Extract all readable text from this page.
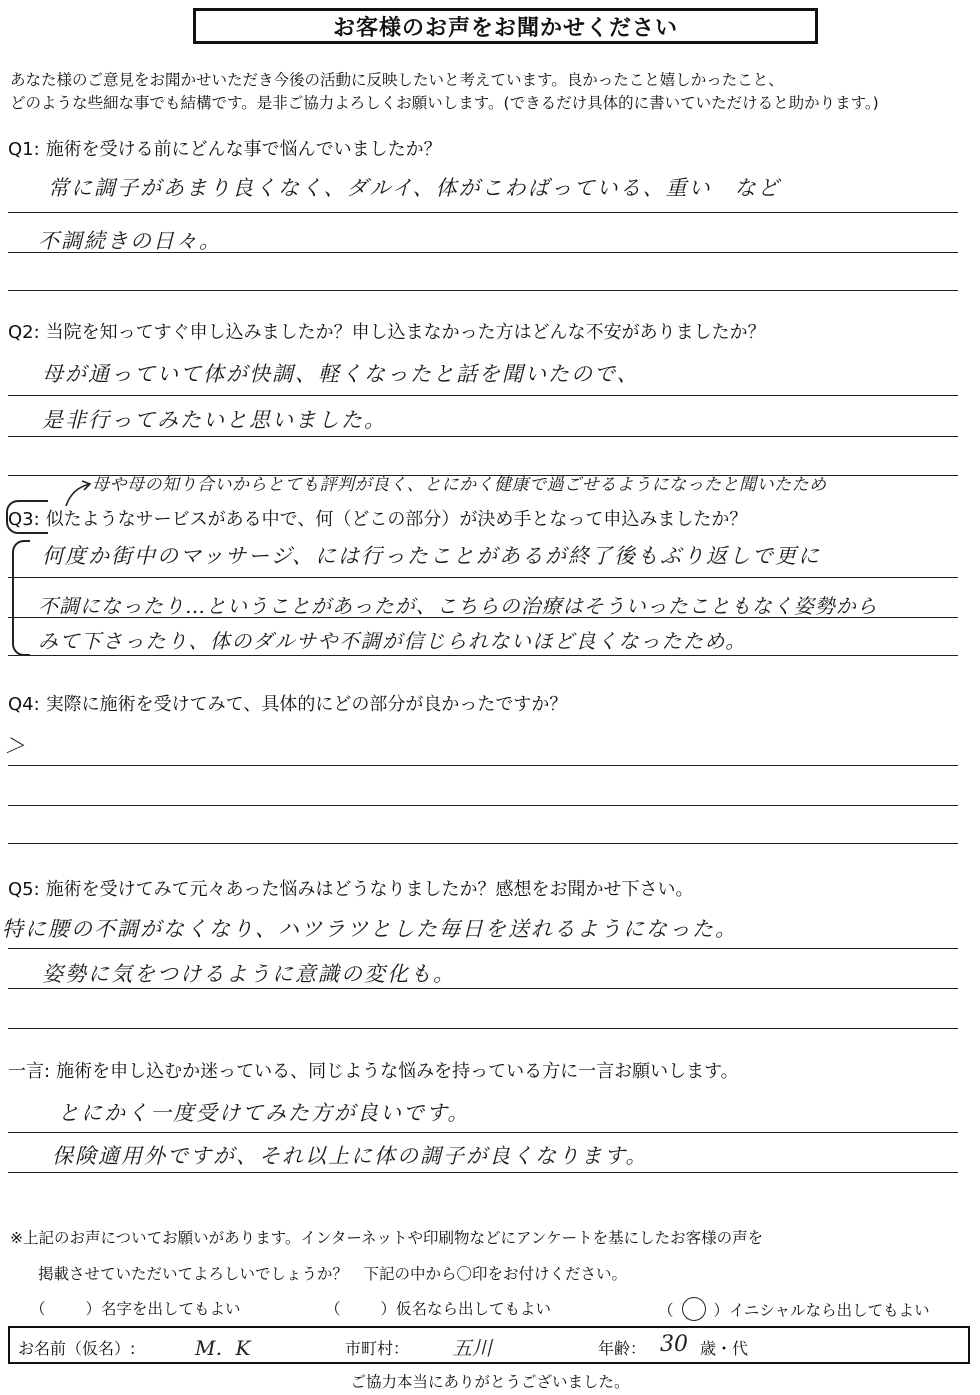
お客様のお声をお聞かせください
あなた様のご意見をお聞かせいただき今後の活動に反映したいと考えています。良かったこと嬉しかったこと、
どのような些細な事でも結構です。是非ご協力よろしくお願いします。(できるだけ具体的に書いていただけると助かります。)
Q1: 施術を受ける前にどんな事で悩んでいましたか？
常に調子があまり良くなく、ダルイ、体がこわばっている、重い　など
不調続きの日々。
Q2: 当院を知ってすぐ申し込みましたか？申し込まなかった方はどんな不安がありましたか？
母が通っていて体が快調、軽くなったと話を聞いたので、
是非行ってみたいと思いました。
母や母の知り合いからとても評判が良く、とにかく健康で過ごせるようになったと聞いたため
Q3: 似たようなサービスがある中で、何（どこの部分）が決め手となって申込みましたか？
何度か街中のマッサージ、には行ったことがあるが終了後もぶり返しで更に
不調になったり…ということがあったが、こちらの治療はそういったこともなく姿勢から
みて下さったり、体のダルサや不調が信じられないほど良くなったため。
Q4: 実際に施術を受けてみて、具体的にどの部分が良かったですか？
＞
Q5: 施術を受けてみて元々あった悩みはどうなりましたか？感想をお聞かせ下さい。
特に腰の不調がなくなり、ハツラツとした毎日を送れるようになった。
姿勢に気をつけるように意識の変化も。
一言: 施術を申し込むか迷っている、同じような悩みを持っている方に一言お願いします。
とにかく一度受けてみた方が良いです。
保険適用外ですが、それ以上に体の調子が良くなります。
※上記のお声についてお願いがあります。インターネットや印刷物などにアンケートを基にしたお客様の声を
掲載させていただいてよろしいでしょうか？　下記の中から〇印をお付けください。
（	）名字を出してもよい	（	）仮名なら出してもよい	（	）イニシャルなら出してもよい
お名前（仮名）:	M．K	市町村： 五川	年齢： 30 歳・代
ご協力本当にありがとうございました。
